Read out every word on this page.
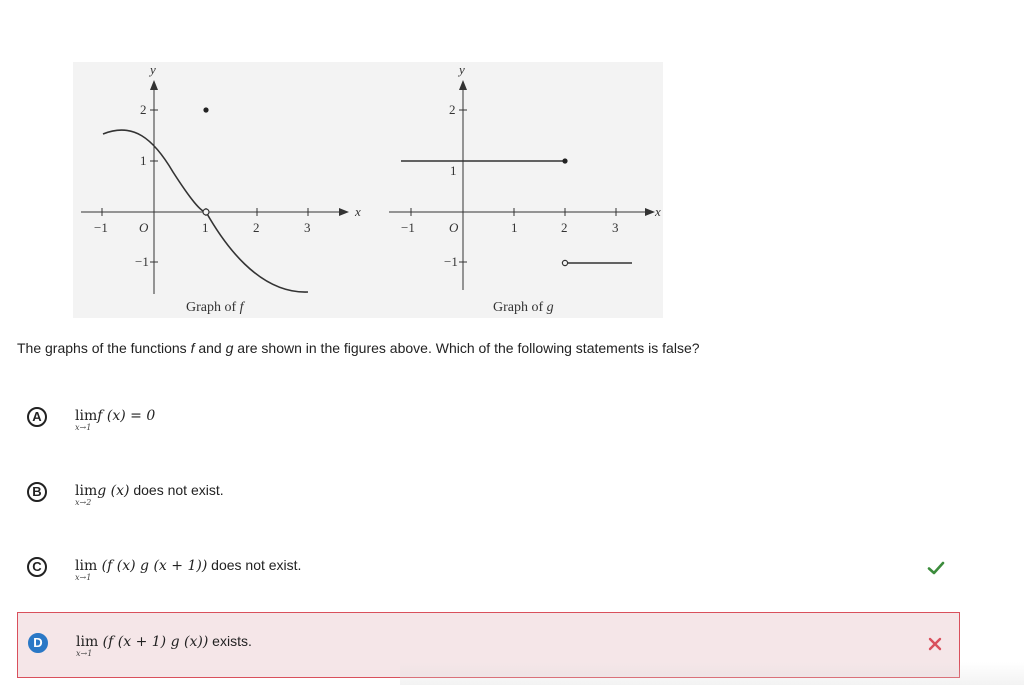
x
y
−1	1	2	3
O
2
1
−1
x
y
−1	1	2	3
O
2
1
−1
Graph of f	Graph of g
The graphs of the functions f and g are shown in the figures above. Which of the following statements is false?
A	lim
x→1
f (x) = 0
B	lim
x→2
g (x) does not exist.
C	lim
x→1
(f (x) g (x + 1)) does not exist.
D	lim
x→1
(f (x + 1) g (x)) exists.
